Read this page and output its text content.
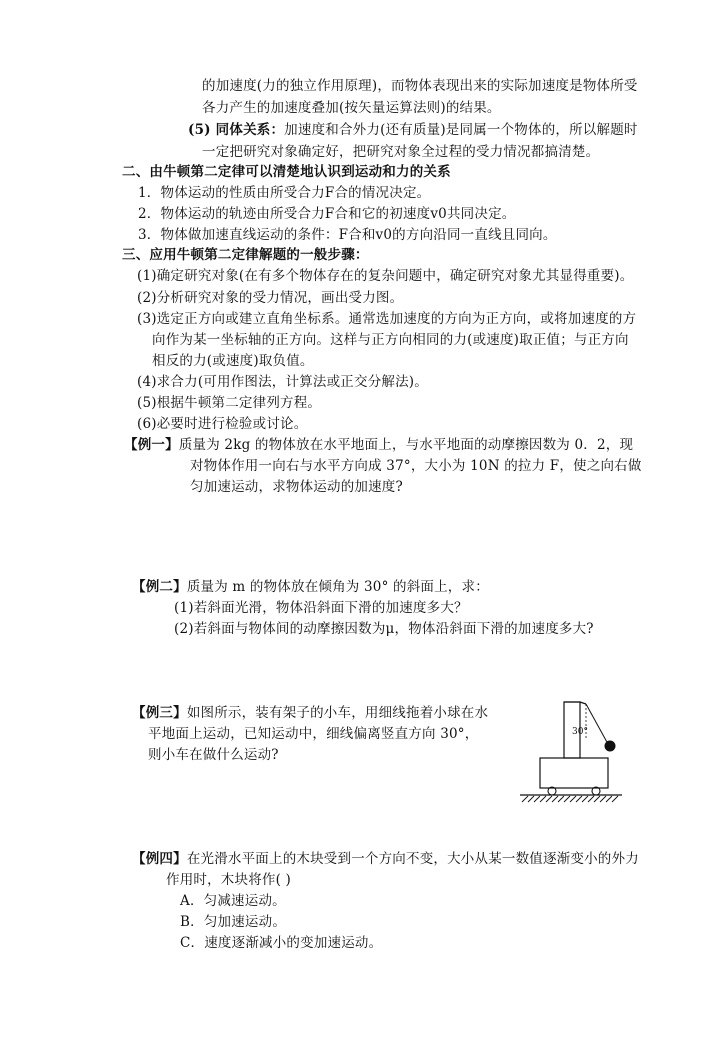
的加速度(力的独立作用原理)，而物体表现出来的实际加速度是物体所受
各力产生的加速度叠加(按矢量运算法则)的结果。
(5) 同体关系：加速度和合外力(还有质量)是同属一个物体的，所以解题时
一定把研究对象确定好，把研究对象全过程的受力情况都搞清楚。
二、由牛顿第二定律可以清楚地认识到运动和力的关系
1．物体运动的性质由所受合力F合的情况决定。
2．物体运动的轨迹由所受合力F合和它的初速度v0共同决定。
3．物体做加速直线运动的条件：F合和v0的方向沿同一直线且同向。
三、应用牛顿第二定律解题的一般步骤：
(1)确定研究对象(在有多个物体存在的复杂问题中，确定研究对象尤其显得重要)。
(2)分析研究对象的受力情况，画出受力图。
(3)选定正方向或建立直角坐标系。通常选加速度的方向为正方向，或将加速度的方
向作为某一坐标轴的正方向。这样与正方向相同的力(或速度)取正值；与正方向
相反的力(或速度)取负值。
(4)求合力(可用作图法，计算法或正交分解法)。
(5)根据牛顿第二定律列方程。
(6)必要时进行检验或讨论。
【例一】质量为 2kg 的物体放在水平地面上，与水平地面的动摩擦因数为 0．2，现
对物体作用一向右与水平方向成 37°，大小为 10N 的拉力 F，使之向右做
匀加速运动，求物体运动的加速度?
【例二】质量为 m 的物体放在倾角为 30° 的斜面上，求：
(1)若斜面光滑，物体沿斜面下滑的加速度多大？
(2)若斜面与物体间的动摩擦因数为μ，物体沿斜面下滑的加速度多大?
【例三】如图所示，装有架子的小车，用细线拖着小球在水
平地面上运动，已知运动中，细线偏离竖直方向 30°，
则小车在做什么运动?
30°
【例四】在光滑水平面上的木块受到一个方向不变，大小从某一数值逐渐变小的外力
作用时，木块将作( )
A．匀减速运动。
B．匀加速运动。
C．速度逐渐减小的变加速运动。
